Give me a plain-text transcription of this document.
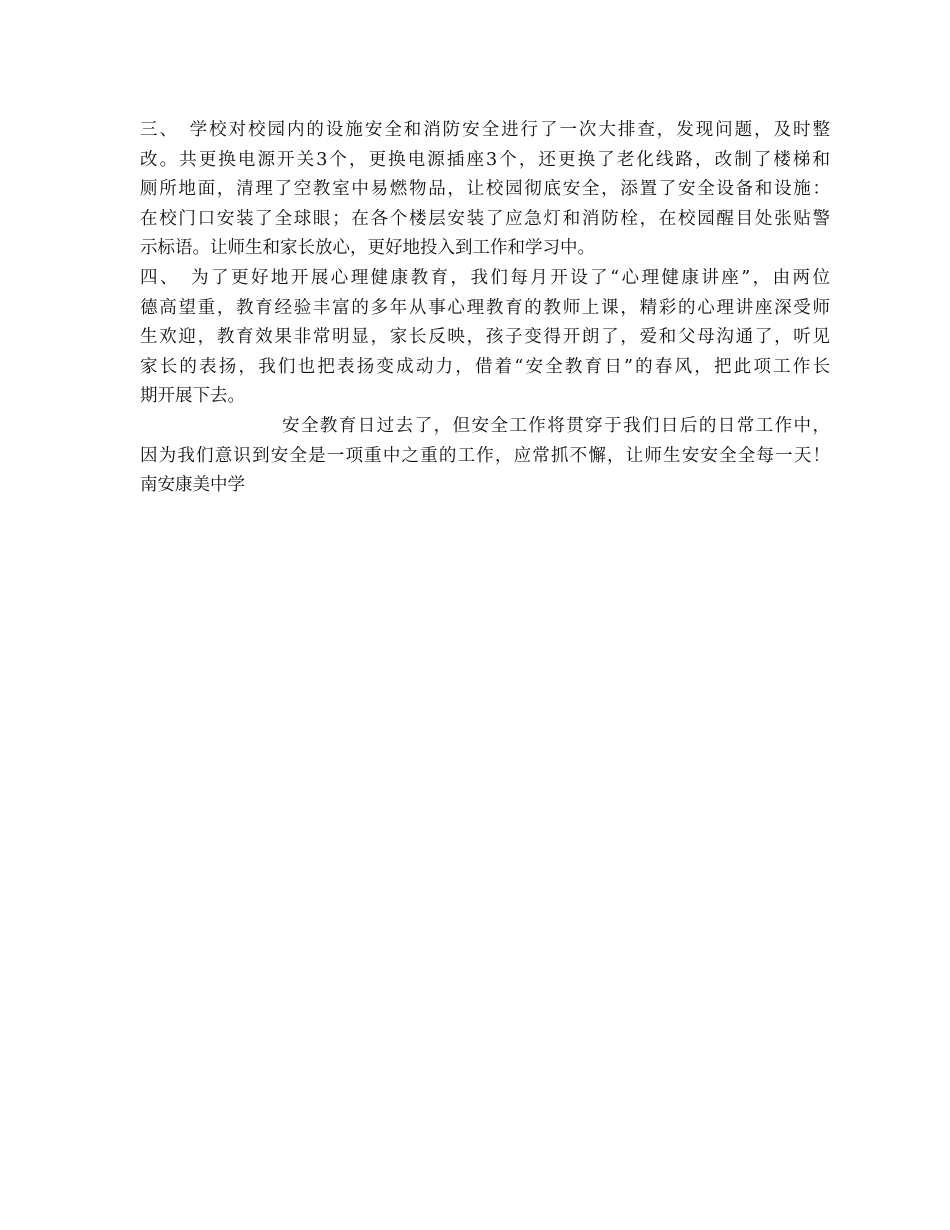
三、　学校对校园内的设施安全和消防安全进行了一次大排查，发现问题，及时整
改。共更换电源开关3个，更换电源插座3个，还更换了老化线路，改制了楼梯和
厕所地面，清理了空教室中易燃物品，让校园彻底安全，添置了安全设备和设施：
在校门口安装了全球眼；在各个楼层安装了应急灯和消防栓，在校园醒目处张贴警
示标语。让师生和家长放心，更好地投入到工作和学习中。
四、　为了更好地开展心理健康教育，我们每月开设了“心理健康讲座”，由两位
德高望重，教育经验丰富的多年从事心理教育的教师上课，精彩的心理讲座深受师
生欢迎，教育效果非常明显，家长反映，孩子变得开朗了，爱和父母沟通了，听见
家长的表扬，我们也把表扬变成动力，借着“安全教育日”的春风，把此项工作长
期开展下去。
安全教育日过去了，但安全工作将贯穿于我们日后的日常工作中，
因为我们意识到安全是一项重中之重的工作，应常抓不懈，让师生安安全全每一天！
南安康美中学
